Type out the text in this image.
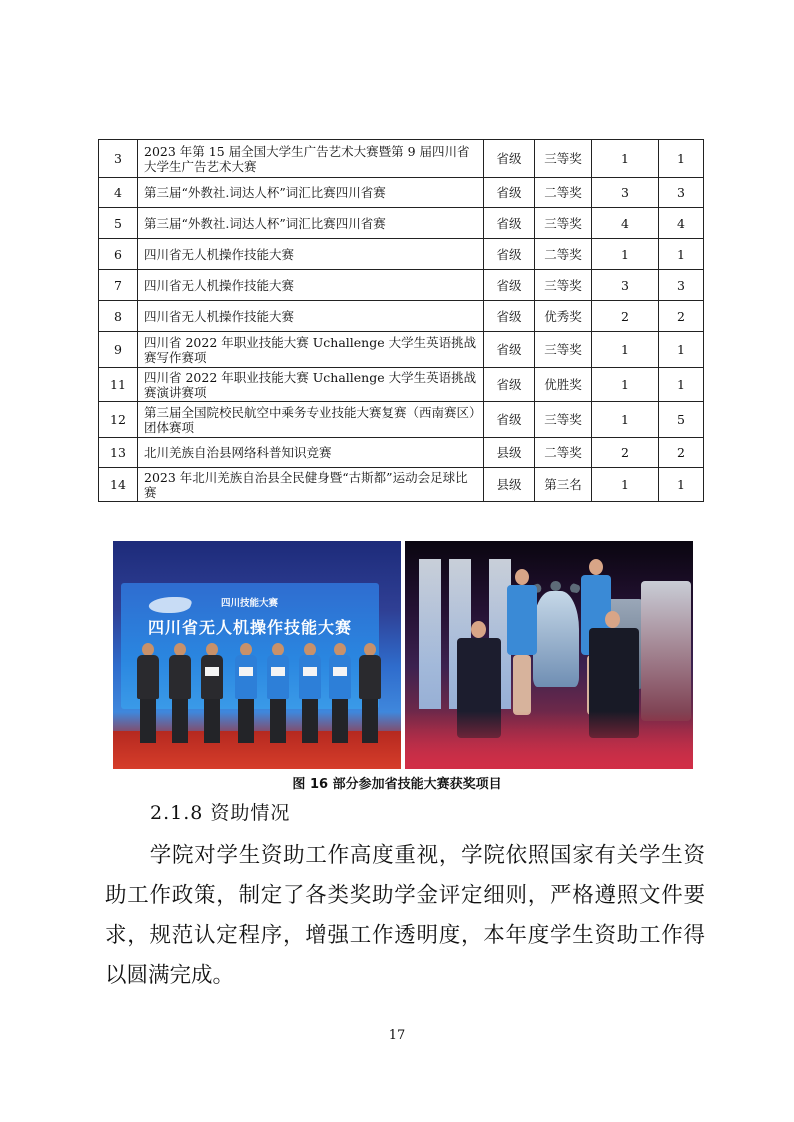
3	2023 年第 15 届全国大学生广告艺术大赛暨第 9 届四川省大学生广告艺术大赛	省级	三等奖	1	1
4	第三届“外教社.词达人杯”词汇比赛四川省赛	省级	二等奖	3	3
5	第三届“外教社.词达人杯”词汇比赛四川省赛	省级	三等奖	4	4
6	四川省无人机操作技能大赛	省级	二等奖	1	1
7	四川省无人机操作技能大赛	省级	三等奖	3	3
8	四川省无人机操作技能大赛	省级	优秀奖	2	2
9	四川省 2022 年职业技能大赛 Uchallenge 大学生英语挑战赛写作赛项	省级	三等奖	1	1
11	四川省 2022 年职业技能大赛 Uchallenge 大学生英语挑战赛演讲赛项	省级	优胜奖	1	1
12	第三届全国院校民航空中乘务专业技能大赛复赛（西南赛区）团体赛项	省级	三等奖	1	5
13	北川羌族自治县网络科普知识竞赛	县级	二等奖	2	2
14	2023 年北川羌族自治县全民健身暨“古斯都”运动会足球比赛	县级	第三名	1	1
四川技能大赛
四川省无人机操作技能大赛
图 16 部分参加省技能大赛获奖项目
2.1.8 资助情况
学院对学生资助工作高度重视，学院依照国家有关学生资助工作政策，制定了各类奖助学金评定细则，严格遵照文件要求，规范认定程序，增强工作透明度，本年度学生资助工作得以圆满完成。
17
